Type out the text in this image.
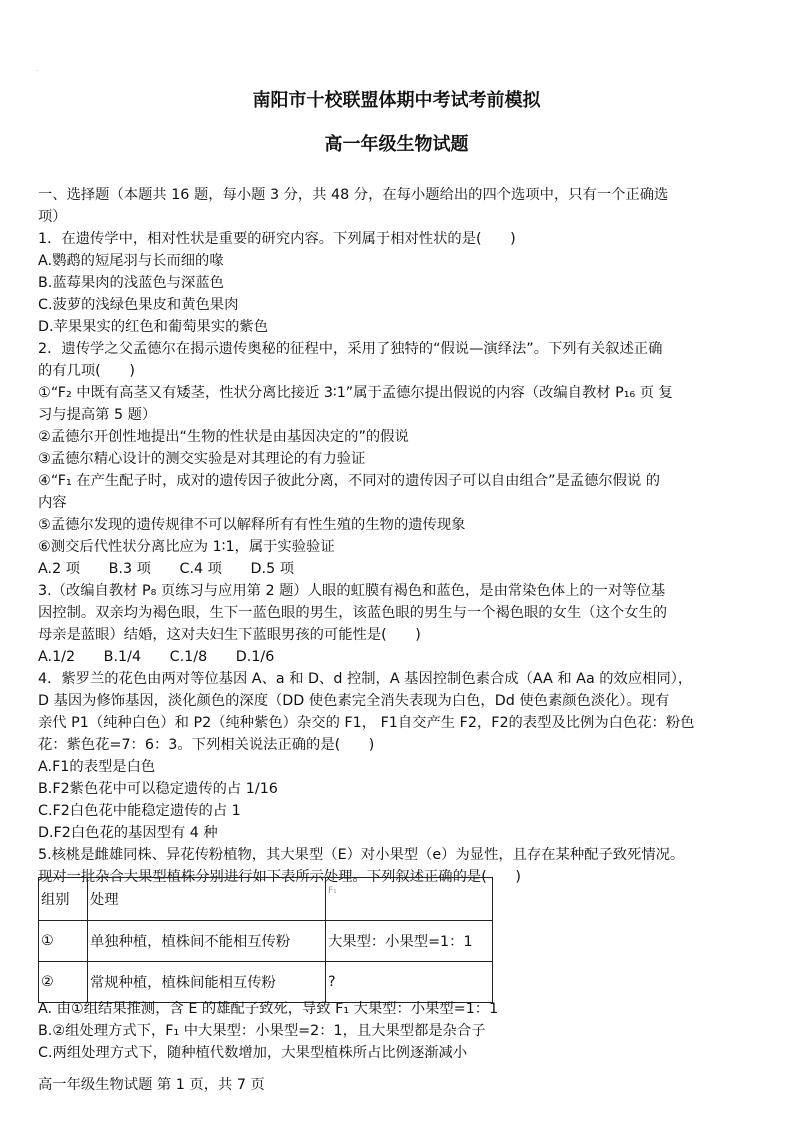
.
南阳市十校联盟体期中考试考前模拟
高一年级生物试题
一、选择题（本题共 16 题，每小题 3 分，共 48 分，在每小题给出的四个选项中，只有一个正确选
项）
1．在遗传学中，相对性状是重要的研究内容。下列属于相对性状的是(　　)
A.鹦鹉的短尾羽与长而细的喙
B.蓝莓果肉的浅蓝色与深蓝色
C.菠萝的浅绿色果皮和黄色果肉
D.苹果果实的红色和葡萄果实的紫色
2．遗传学之父孟德尔在揭示遗传奥秘的征程中，采用了独特的“假说—演绎法”。下列有关叙述正确
的有几项(　　)
①“F₂ 中既有高茎又有矮茎，性状分离比接近 3∶1”属于孟德尔提出假说的内容（改编自教材 P₁₆ 页 复
习与提高第 5 题）
②孟德尔开创性地提出“生物的性状是由基因决定的”的假说
③孟德尔精心设计的测交实验是对其理论的有力验证
④“F₁ 在产生配子时，成对的遗传因子彼此分离，不同对的遗传因子可以自由组合”是孟德尔假说 的
内容
⑤孟德尔发现的遗传规律不可以解释所有有性生殖的生物的遗传现象
⑥测交后代性状分离比应为 1∶1，属于实验验证
A.2 项　　B.3 项　　C.4 项　　D.5 项
3.（改编自教材 P₈ 页练习与应用第 2 题）人眼的虹膜有褐色和蓝色，是由常染色体上的一对等位基
因控制。双亲均为褐色眼，生下一蓝色眼的男生，该蓝色眼的男生与一个褐色眼的女生（这个女生的
母亲是蓝眼）结婚，这对夫妇生下蓝眼男孩的可能性是(　　)
A.1/2　　B.1/4　　C.1/8　　D.1/6
4．紫罗兰的花色由两对等位基因 A、a 和 D、d 控制，A 基因控制色素合成（AA 和 Aa 的效应相同），
D 基因为修饰基因，淡化颜色的深度（DD 使色素完全消失表现为白色，Dd 使色素颜色淡化）。现有
亲代 P1（纯种白色）和 P2（纯种紫色）杂交的 F1， F1自交产生 F2，F2的表型及比例为白色花：粉色
花：紫色花=7：6：3。下列相关说法正确的是(　　)
A.F1的表型是白色
B.F2紫色花中可以稳定遗传的占 1/16
C.F2白色花中能稳定遗传的占 1
D.F2白色花的基因型有 4 种
5.核桃是雌雄同株、异花传粉植物，其大果型（E）对小果型（e）为显性，且存在某种配子致死情况。
现对一批杂合大果型植株分别进行如下表所示处理。下列叙述正确的是(　　)
组别	处理	$^{F_1}$
①	单独种植，植株间不能相互传粉	大果型：小果型=1：1
②	常规种植，植株间能相互传粉	?
A. 由①组结果推测，含 E 的雄配子致死，导致 F₁ 大果型：小果型=1：1
B.②组处理方式下，F₁ 中大果型：小果型=2：1，且大果型都是杂合子
C.两组处理方式下，随种植代数增加，大果型植株所占比例逐渐减小
高一年级生物试题 第 1 页，共 7 页
